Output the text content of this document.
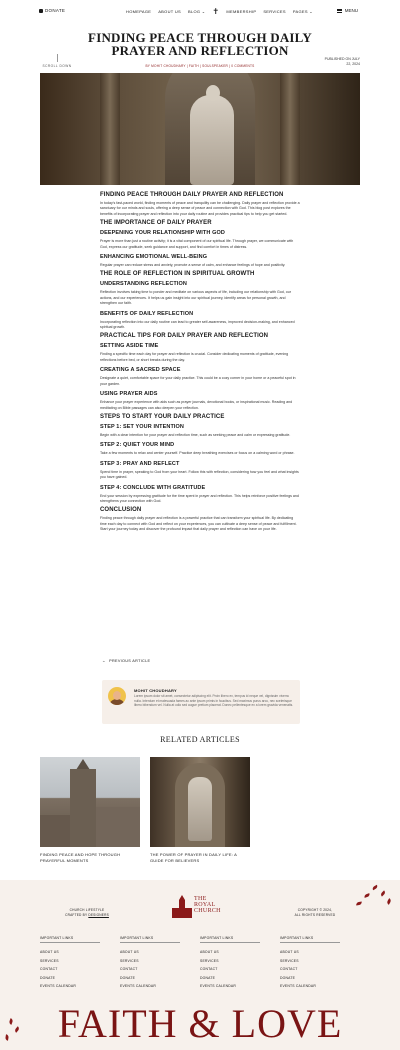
DONATE	HOMEPAGE ABOUT US BLOG ⌄ ✝ MEMBERSHIP SERVICES PAGES ⌄	MENU
FINDING PEACE THROUGH DAILY PRAYER AND REFLECTION
BY MOHIT CHOUDHARY | FAITH | SOULSPEAKER | 0 COMMENTS
SCROLL DOWN
PUBLISHED ON JULY 22, 2024
FINDING PEACE THROUGH DAILY PRAYER AND REFLECTION

In today's fast-paced world, finding moments of peace and tranquility can be challenging. Daily prayer and reflection provide a sanctuary for our minds and souls, offering a deep sense of peace and connection with God. This blog post explores the benefits of incorporating prayer and reflection into your daily routine and provides practical tips to help you get started.

THE IMPORTANCE OF DAILY PRAYER
DEEPENING YOUR RELATIONSHIP WITH GOD

Prayer is more than just a routine activity; it is a vital component of our spiritual life. Through prayer, we communicate with God, express our gratitude, seek guidance and support, and find comfort in times of distress.

ENHANCING EMOTIONAL WELL-BEING

Regular prayer can reduce stress and anxiety, promote a sense of calm, and enhance feelings of hope and positivity.

THE ROLE OF REFLECTION IN SPIRITUAL GROWTH
UNDERSTANDING REFLECTION

Reflection involves taking time to ponder and meditate on various aspects of life, including our relationship with God, our actions, and our experiences. It helps us gain insight into our spiritual journey, identify areas for personal growth, and strengthen our faith.

BENEFITS OF DAILY REFLECTION

Incorporating reflection into our daily routine can lead to greater self-awareness, improved decision-making, and enhanced spiritual growth.

PRACTICAL TIPS FOR DAILY PRAYER AND REFLECTION
SETTING ASIDE TIME

Finding a specific time each day for prayer and reflection is crucial. Consider dedicating moments of gratitude, evening reflections before bed, or short breaks during the day.

CREATING A SACRED SPACE

Designate a quiet, comfortable space for your daily practice. This could be a cozy corner in your home or a peaceful spot in your garden.

USING PRAYER AIDS

Enhance your prayer experience with aids such as prayer journals, devotional books, or inspirational music. Reading and meditating on Bible passages can also deepen your reflection.

STEPS TO START YOUR DAILY PRACTICE
STEP 1: SET YOUR INTENTION

Begin with a clear intention for your prayer and reflection time, such as seeking peace and calm or expressing gratitude.

STEP 2: QUIET YOUR MIND

Take a few moments to relax and center yourself. Practice deep breathing exercises or focus on a calming word or phrase.

STEP 3: PRAY AND REFLECT

Spend time in prayer, speaking to God from your heart. Follow this with reflection, considering how you feel and what insights you have gained.

STEP 4: CONCLUDE WITH GRATITUDE

End your session by expressing gratitude for the time spent in prayer and reflection. This helps reinforce positive feelings and strengthens your connection with God.

CONCLUSION

Finding peace through daily prayer and reflection is a powerful practice that can transform your spiritual life. By dedicating time each day to connect with God and reflect on your experiences, you can cultivate a deep sense of peace and fulfillment. Start your journey today and discover the profound impact that daily prayer and reflection can have on your life.

← PREVIOUS ARTICLE
MOHIT CHOUDHARY
Lorem ipsum dolor sit amet, consectetur adipiscing elit. Proin libero ex, tempus id neque vel, dignissim viverra nulla. Interdum et malesuada fames ac ante ipsum primis in faucibus. Sed maximus purus arcu, nec scelerisque libero bibendum vel. Nulla at odio sed augue pretium placerat. Donec pellentesque ex a lorem gravida venenatis.
RELATED ARTICLES
FINDING PEACE AND HOPE THROUGH PRAYERFUL MOMENTS
THE POWER OF PRAYER IN DAILY LIFE: A GUIDE FOR BELIEVERS
CHURCH LIFESTYLE
CRAFTED BY DESIGNERS
THE
ROYAL
CHURCH	COPYRIGHT © 2024,
ALL RIGHTS RESERVED
IMPORTANT LINKS
ABOUT US
SERVICES
CONTACT
DONATE
EVENTS CALENDAR
IMPORTANT LINKS
ABOUT US
SERVICES
CONTACT
DONATE
EVENTS CALENDAR
IMPORTANT LINKS
ABOUT US
SERVICES
CONTACT
DONATE
EVENTS CALENDAR
IMPORTANT LINKS
ABOUT US
SERVICES
CONTACT
DONATE
EVENTS CALENDAR
FAITH & LOVE
